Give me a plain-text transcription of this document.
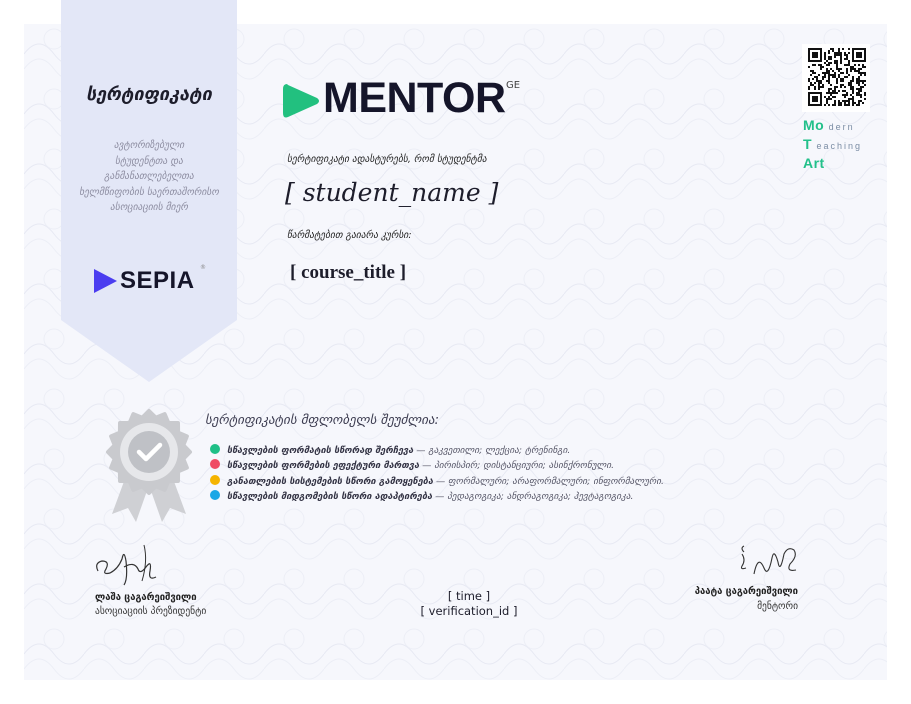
სერტიფიკატი
ავტორიზებული
სტუდენტთა და
განმანათლებელთა
ხელმწიფობის საერთაშორისო
ასოციაციის მიერ
SEPIA ®
MENTOR GE
სერტიფიკატი ადასტურებს, რომ სტუდენტმა
[ student_name ]
წარმატებით გაიარა კურსი:
[ course_title ]
Mo dern
T eaching
Art
სერტიფიკატის მფლობელს შეუძლია:
სწავლების ფორმატის სწორად შერჩევა — გაკვეთილი; ლექცია; ტრენინგი.
სწავლების ფორმების ეფექტური მართვა — პირისპირ; დისტანციური; ასინქრონული.
განათლების სისტემების სწორი გამოყენება — ფორმალური; არაფორმალური; ინფორმალური.
სწავლების მიდგომების სწორი ადაპტირება — პედაგოგიკა; ანდრაგოგიკა; ჰევტაგოგიკა.
ლაშა ცაგარეიშვილი
ასოციაციის პრეზიდენტი
პაატა ცაგარეიშვილი
მენტორი
[ time ]
[ verification_id ]
